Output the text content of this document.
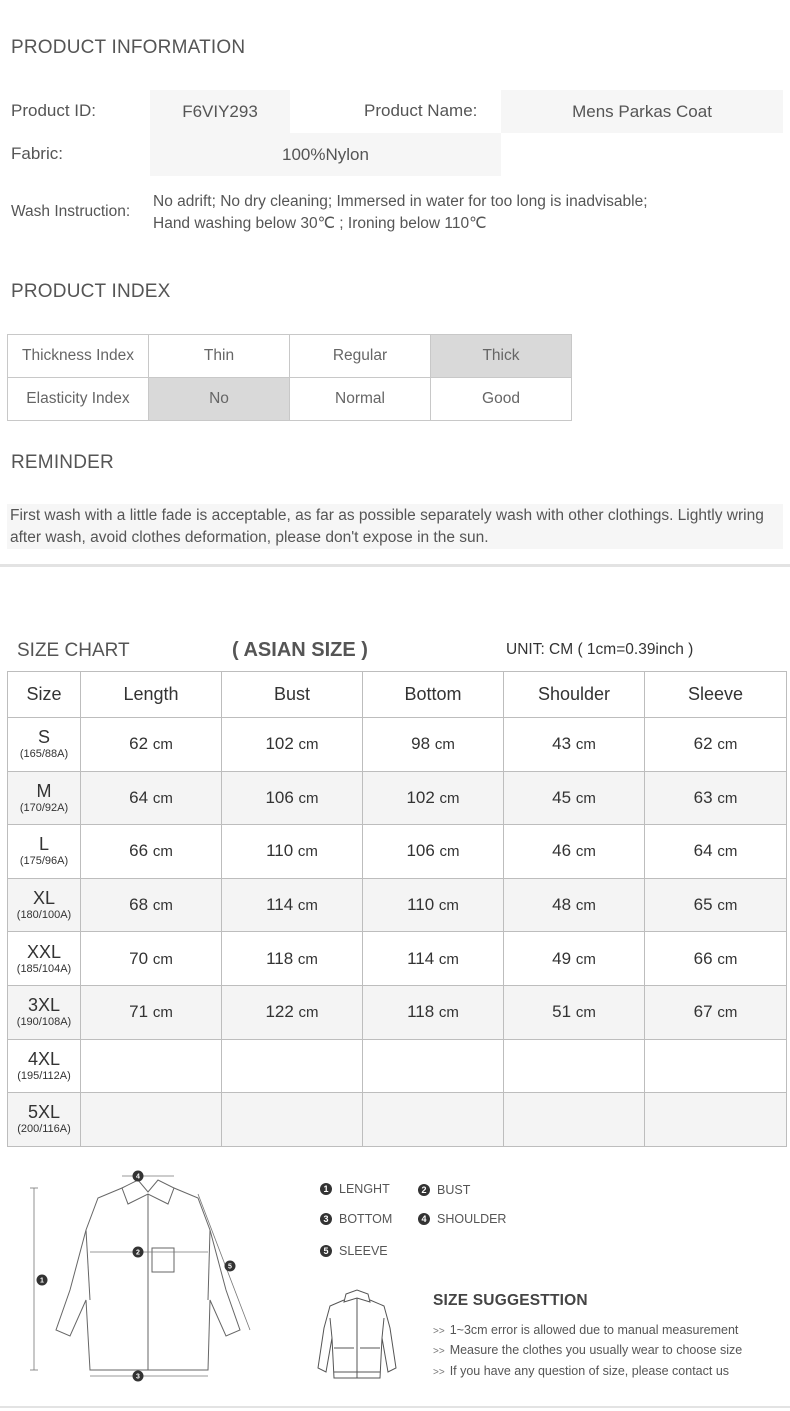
PRODUCT INFORMATION
Product ID:	F6VIY293	Product Name:	Mens Parkas Coat
Fabric:	100%Nylon
Wash Instruction:
No adrift; No dry cleaning; Immersed in water for too long is inadvisable;
Hand washing below 30℃ ; Ironing below 110℃
PRODUCT INDEX
Thickness Index	Thin	Regular	Thick
Elasticity Index	No	Normal	Good
REMINDER
First wash with a little fade is acceptable, as far as possible separately wash with other clothings. Lightly wring after wash, avoid clothes deformation, please don't expose in the sun.
SIZE CHART	( ASIAN SIZE )	UNIT: CM ( 1cm=0.39inch )
Size	Length	Bust	Bottom	Shoulder	Sleeve

S
(165/88A)	62 cm	102 cm	98 cm	43 cm	62 cm

M
(170/92A)	64 cm	106 cm	102 cm	45 cm	63 cm

L
(175/96A)	66 cm	110 cm	106 cm	46 cm	64 cm

XL
(180/100A)	68 cm	114 cm	110 cm	48 cm	65 cm

XXL
(185/104A)	70 cm	118 cm	114 cm	49 cm	66 cm

3XL
(190/108A)	71 cm	122 cm	118 cm	51 cm	67 cm

4XL
(195/112A)					

5XL
(200/116A)					

1
2
3
4
5
1 LENGHT	2 BUST
3 BOTTOM	4 SHOULDER
5 SLEEVE
SIZE SUGGESTTION
>> 1~3cm error is allowed due to manual measurement
>> Measure the clothes you usually wear to choose size
>> If you have any question of size, please contact us
